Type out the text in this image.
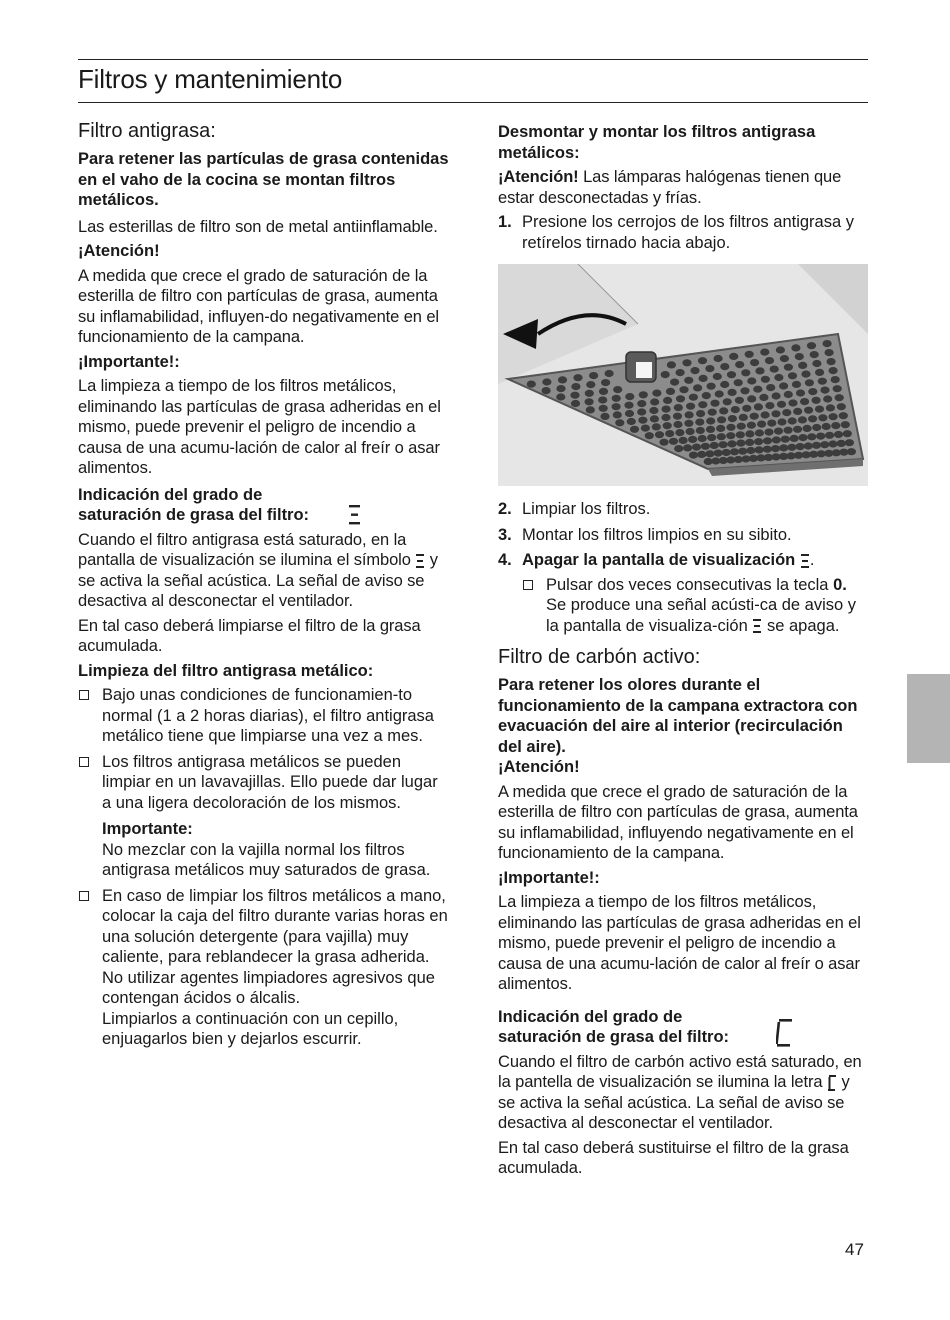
Filtros y mantenimiento
Filtro antigrasa:
Para retener las partículas de grasa contenidas en el vaho de la cocina se montan filtros metálicos.
Las esterillas de filtro son de metal antiinflamable.
¡Atención!
A medida que crece el grado de saturación de la esterilla de filtro con partículas de grasa, aumenta su inflamabilidad, influyen-do negativamente en el funcionamiento de la campana.
¡Importante!:
La limpieza a tiempo de los filtros metálicos, eliminando las partículas de grasa adheridas en el mismo, puede prevenir el peligro de incendio a causa de una acumu-lación de calor al freír o asar alimentos.
Indicación del grado de saturación de grasa del filtro:
Cuando el filtro antigrasa está saturado, en la pantalla de visualización se ilumina el símbolo y se activa la señal acústica. La señal de aviso se desactiva al desconectar el ventilador.
En tal caso deberá limpiarse el filtro de la grasa acumulada.
Limpieza del filtro antigrasa metálico:
Bajo unas condiciones de funcionamien-to normal (1 a 2 horas diarias), el filtro antigrasa metálico tiene que limpiarse una vez a mes.
Los filtros antigrasa metálicos se pueden limpiar en un lavavajillas. Ello puede dar lugar a una ligera decoloración de los mismos.
Importante:
No mezclar con la vajilla normal los filtros antigrasa metálicos muy saturados de grasa.
En caso de limpiar los filtros metálicos a mano, colocar la caja del filtro durante varias horas en una solución detergente (para vajilla) muy caliente, para reblandecer la grasa adherida.
No utilizar agentes limpiadores agresivos que contengan ácidos o álcalis.
Limpiarlos a continuación con un cepillo, enjuagarlos bien y dejarlos escurrir.
Desmontar y montar los filtros antigrasa metálicos:
¡Atención! Las lámparas halógenas tienen que estar desconectadas y frías.
1. Presione los cerrojos de los filtros antigrasa y retírelos tirnado hacia abajo.
2. Limpiar los filtros.
3. Montar los filtros limpios en su sibito.
4. Apagar la pantalla de visualización .
Pulsar dos veces consecutivas la tecla 0. Se produce una señal acústi-ca de aviso y la pantalla de visualiza-ción se apaga.
Filtro de carbón activo:
Para retener los olores durante el funcionamiento de la campana extractora con evacuación del aire al interior (recirculación del aire).
¡Atención!
A medida que crece el grado de saturación de la esterilla de filtro con partículas de grasa, aumenta su inflamabilidad, influyendo negativamente en el funcionamiento de la campana.
¡Importante!:
La limpieza a tiempo de los filtros metálicos, eliminando las partículas de grasa adheridas en el mismo, puede prevenir el peligro de incendio a causa de una acumu-lación de calor al freír o asar alimentos.
Indicación del grado de saturación de grasa del filtro:
Cuando el filtro de carbón activo está saturado, en la pantella de visualización se ilumina la letra y se activa la señal acústica. La señal de aviso se desactiva al desconectar el ventilador.
En tal caso deberá sustituirse el filtro de la grasa acumulada.
47
